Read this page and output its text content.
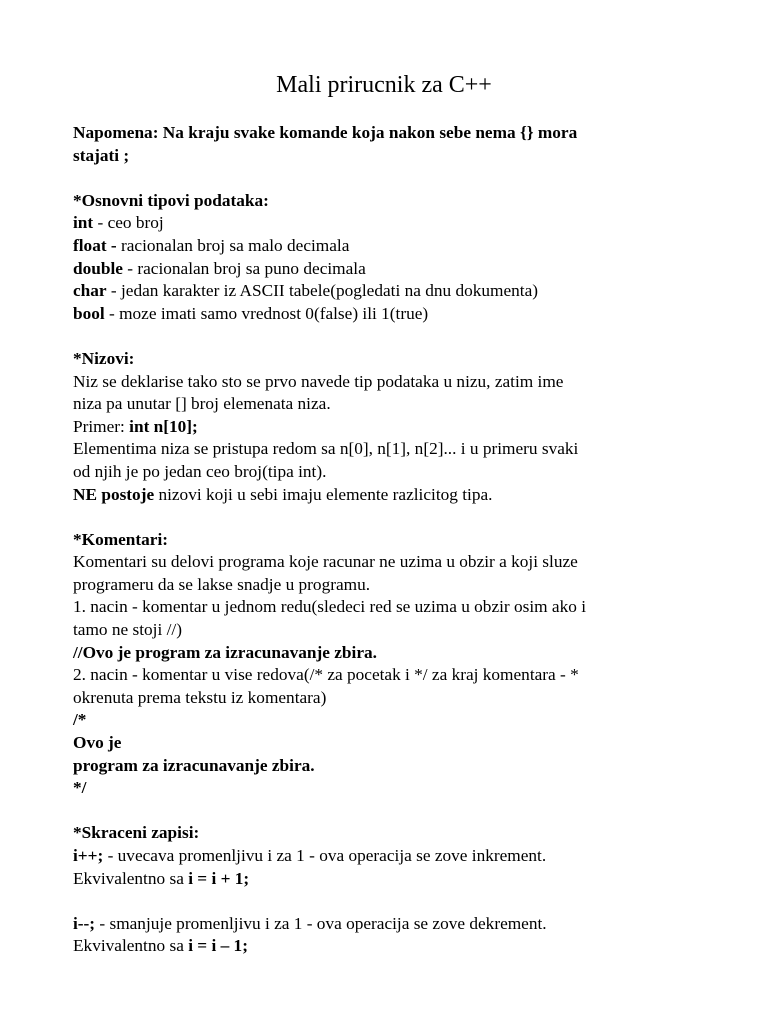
Mali prirucnik za C++
Napomena: Na kraju svake komande koja nakon sebe nema {} mora
stajati ;
*Osnovni tipovi podataka:
int - ceo broj
float - racionalan broj sa malo decimala
double - racionalan broj sa puno decimala
char - jedan karakter iz ASCII tabele(pogledati na dnu dokumenta)
bool - moze imati samo vrednost 0(false) ili 1(true)
*Nizovi:
Niz se deklarise tako sto se prvo navede tip podataka u nizu, zatim ime
niza pa unutar [] broj elemenata niza.
Primer: int n[10];
Elementima niza se pristupa redom sa n[0], n[1], n[2]... i u primeru svaki
od njih je po jedan ceo broj(tipa int).
NE postoje nizovi koji u sebi imaju elemente razlicitog tipa.
*Komentari:
Komentari su delovi programa koje racunar ne uzima u obzir a koji sluze
programeru da se lakse snadje u programu.
1. nacin - komentar u jednom redu(sledeci red se uzima u obzir osim ako i
tamo ne stoji //)
//Ovo je program za izracunavanje zbira.
2. nacin - komentar u vise redova(/* za pocetak i */ za kraj komentara - *
okrenuta prema tekstu iz komentara)
/*
Ovo je
program za izracunavanje zbira.
*/
*Skraceni zapisi:
i++; - uvecava promenljivu i za 1 - ova operacija se zove inkrement.
Ekvivalentno sa i = i + 1;
i--; - smanjuje promenljivu i za 1 - ova operacija se zove dekrement.
Ekvivalentno sa i = i – 1;
